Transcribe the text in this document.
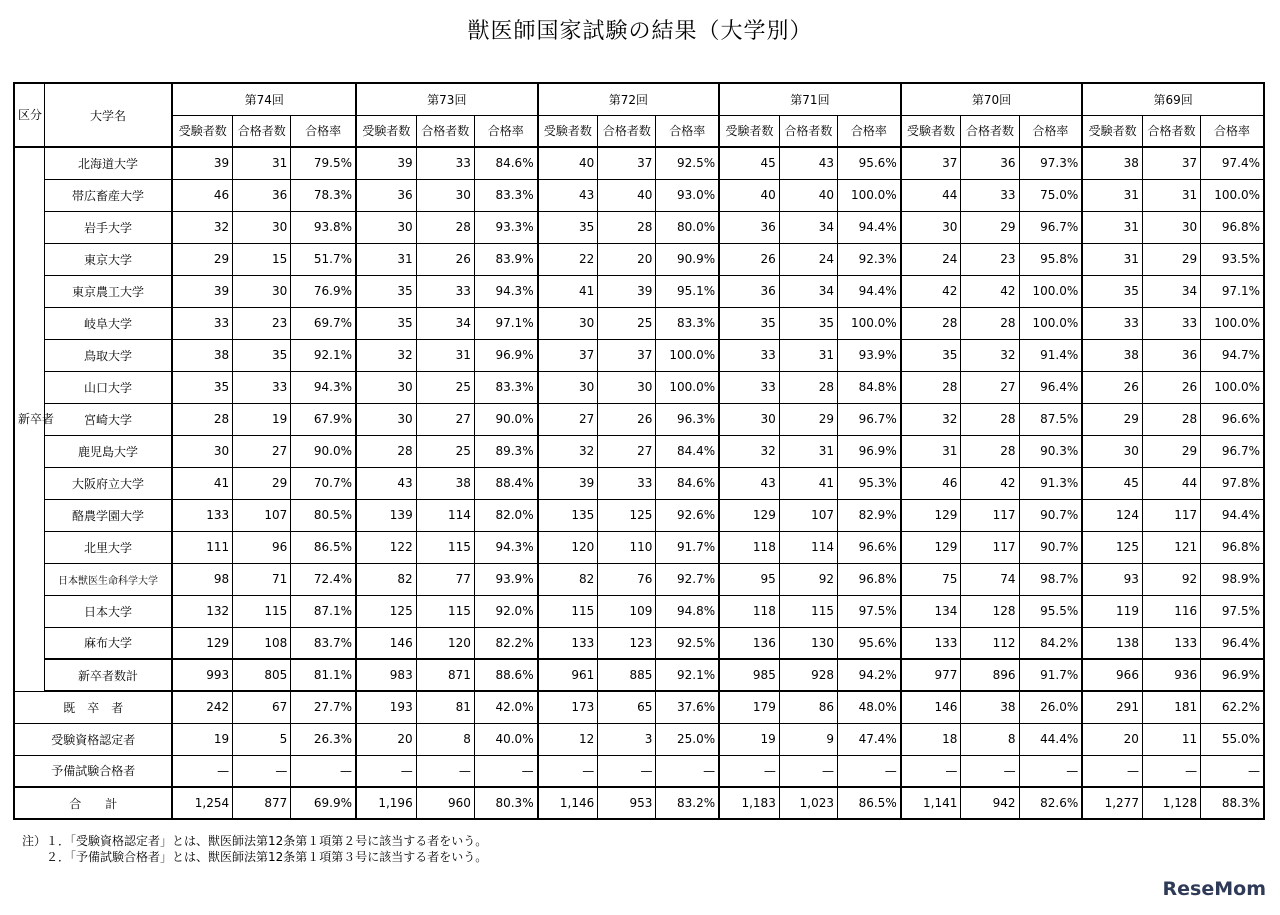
獣医師国家試験の結果（大学別）
区分	大学名	第74回			第73回			第72回			第71回			第70回			第69回		
		受験者数	合格者数	合格率	受験者数	合格者数	合格率	受験者数	合格者数	合格率	受験者数	合格者数	合格率	受験者数	合格者数	合格率	受験者数	合格者数	合格率
新卒者	北海道大学	39	31	79.5%	39	33	84.6%	40	37	92.5%	45	43	95.6%	37	36	97.3%	38	37	97.4%
	帯広畜産大学	46	36	78.3%	36	30	83.3%	43	40	93.0%	40	40	100.0%	44	33	75.0%	31	31	100.0%
	岩手大学	32	30	93.8%	30	28	93.3%	35	28	80.0%	36	34	94.4%	30	29	96.7%	31	30	96.8%
	東京大学	29	15	51.7%	31	26	83.9%	22	20	90.9%	26	24	92.3%	24	23	95.8%	31	29	93.5%
	東京農工大学	39	30	76.9%	35	33	94.3%	41	39	95.1%	36	34	94.4%	42	42	100.0%	35	34	97.1%
	岐阜大学	33	23	69.7%	35	34	97.1%	30	25	83.3%	35	35	100.0%	28	28	100.0%	33	33	100.0%
	鳥取大学	38	35	92.1%	32	31	96.9%	37	37	100.0%	33	31	93.9%	35	32	91.4%	38	36	94.7%
	山口大学	35	33	94.3%	30	25	83.3%	30	30	100.0%	33	28	84.8%	28	27	96.4%	26	26	100.0%
	宮崎大学	28	19	67.9%	30	27	90.0%	27	26	96.3%	30	29	96.7%	32	28	87.5%	29	28	96.6%
	鹿児島大学	30	27	90.0%	28	25	89.3%	32	27	84.4%	32	31	96.9%	31	28	90.3%	30	29	96.7%
	大阪府立大学	41	29	70.7%	43	38	88.4%	39	33	84.6%	43	41	95.3%	46	42	91.3%	45	44	97.8%
	酪農学園大学	133	107	80.5%	139	114	82.0%	135	125	92.6%	129	107	82.9%	129	117	90.7%	124	117	94.4%
	北里大学	111	96	86.5%	122	115	94.3%	120	110	91.7%	118	114	96.6%	129	117	90.7%	125	121	96.8%
	日本獣医生命科学大学	98	71	72.4%	82	77	93.9%	82	76	92.7%	95	92	96.8%	75	74	98.7%	93	92	98.9%
	日本大学	132	115	87.1%	125	115	92.0%	115	109	94.8%	118	115	97.5%	134	128	95.5%	119	116	97.5%
	麻布大学	129	108	83.7%	146	120	82.2%	133	123	92.5%	136	130	95.6%	133	112	84.2%	138	133	96.4%
	新卒者数計	993	805	81.1%	983	871	88.6%	961	885	92.1%	985	928	94.2%	977	896	91.7%	966	936	96.9%
既　卒　者		242	67	27.7%	193	81	42.0%	173	65	37.6%	179	86	48.0%	146	38	26.0%	291	181	62.2%
受験資格認定者		19	5	26.3%	20	8	40.0%	12	3	25.0%	19	9	47.4%	18	8	44.4%	20	11	55.0%
予備試験合格者		—	—	—	—	—	—	—	—	—	—	—	—	—	—	—	—	—	—
合　　計		1,254	877	69.9%	1,196	960	80.3%	1,146	953	83.2%	1,183	1,023	86.5%	1,141	942	82.6%	1,277	1,128	88.3%
注）１．「受験資格認定者」とは、獣医師法第12条第１項第２号に該当する者をいう。
　　２．「予備試験合格者」とは、獣医師法第12条第１項第３号に該当する者をいう。
ReseMom
